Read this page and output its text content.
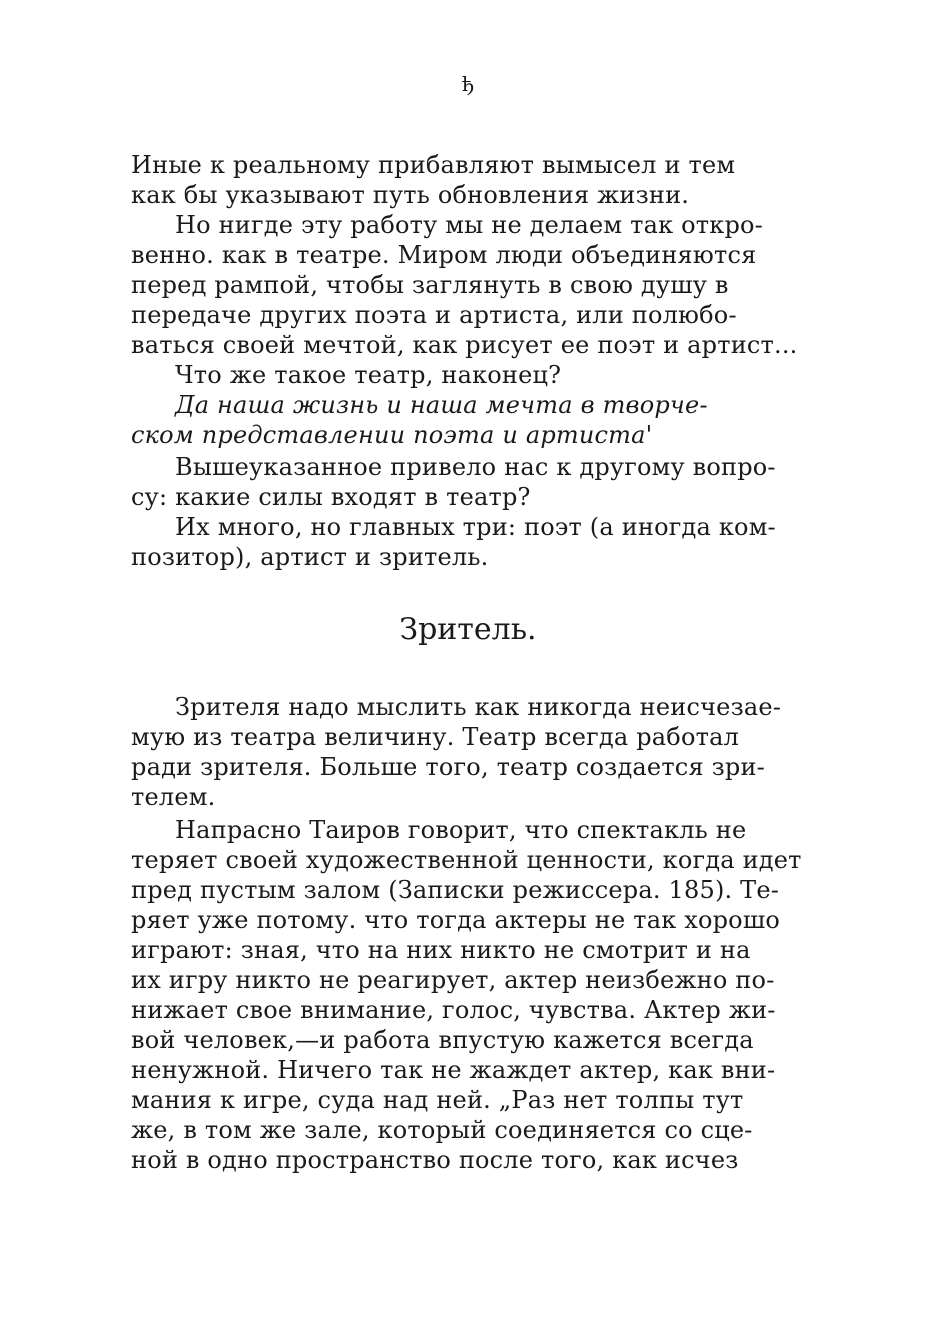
ђ
Иные к реальному прибавляют вымысел и тем
как бы указывают путь обновления жизни.
Но нигде эту работу мы не делаем так откро-
венно. как в театре. Миром люди объединяются
перед рампой, чтобы заглянуть в свою душу в
передаче других поэта и артиста, или полюбо-
ваться своей мечтой, как рисует ее поэт и артист...
Что же такое театр, наконец?
Да наша жизнь и наша мечта в творче-
ском представлении поэта и артиста'
Вышеуказанное привело нас к другому вопро-
су: какие силы входят в театр?
Их много, но главных три: поэт (а иногда ком-
позитор), артист и зритель.
Зритель.
Зрителя надо мыслить как никогда неисчезае-
мую из театра величину. Театр всегда работал
ради зрителя. Больше того, театр создается зри-
телем.
Напрасно Таиров говорит, что спектакль не
теряет своей художественной ценности, когда идет
пред пустым залом (Записки режиссера. 185). Те-
ряет уже потому. что тогда актеры не так хорошо
играют: зная, что на них никто не смотрит и на
их игру никто не реагирует, актер неизбежно по-
нижает свое внимание, голос, чувства. Актер жи-
вой человек,—и работа впустую кажется всегда
ненужной. Ничего так не жаждет актер, как вни-
мания к игре, суда над ней. „Раз нет толпы тут
же, в том же зале, который соединяется со сце-
ной в одно пространство после того, как исчез
